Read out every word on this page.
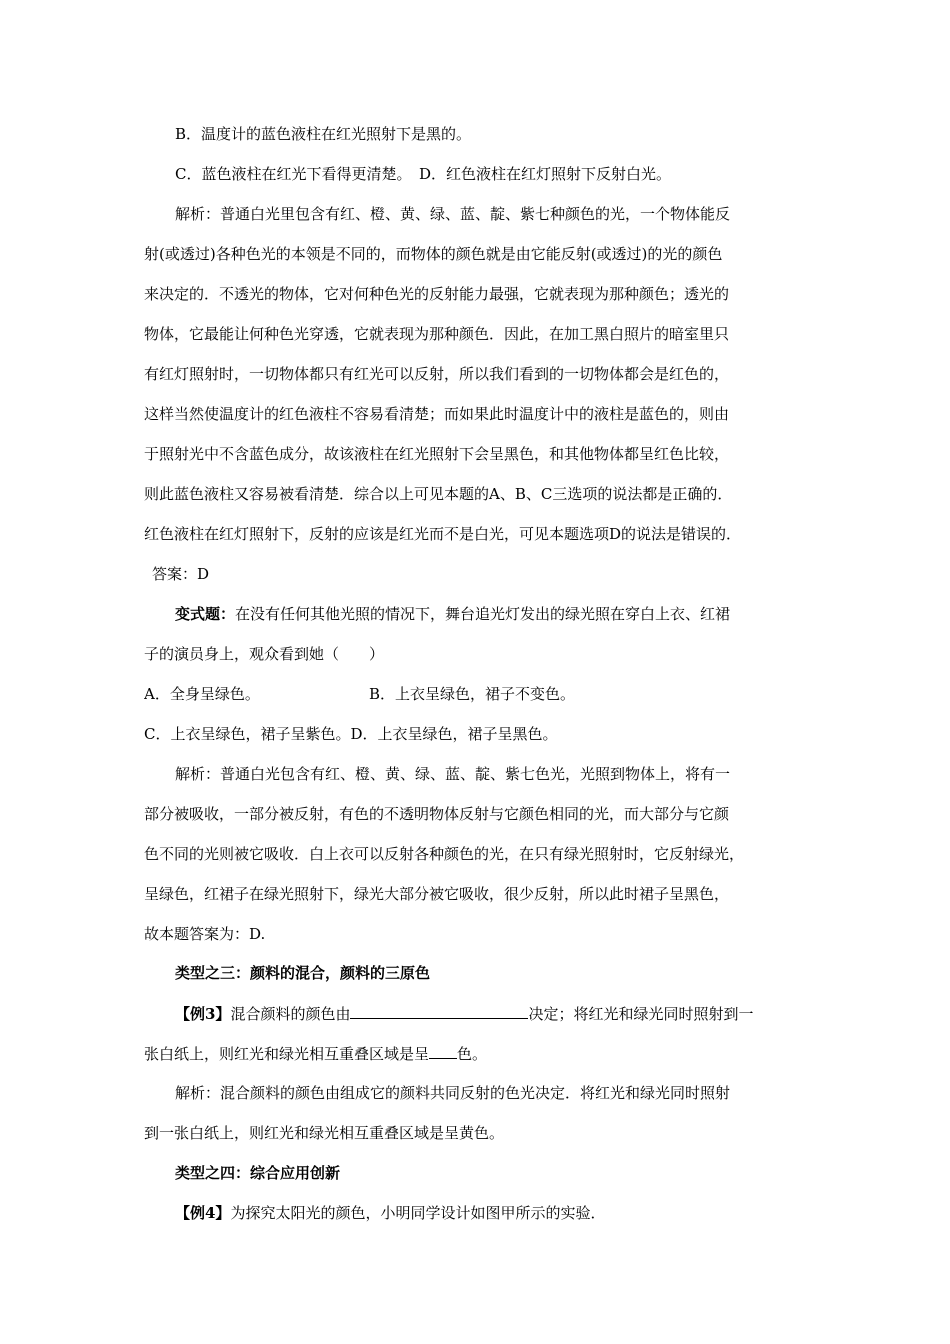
B．温度计的蓝色液柱在红光照射下是黑的。
C．蓝色液柱在红光下看得更清楚。　D．红色液柱在红灯照射下反射白光。
解析：普通白光里包含有红、橙、黄、绿、蓝、靛、紫七种颜色的光，一个物体能反
射(或透过)各种色光的本领是不同的，而物体的颜色就是由它能反射(或透过)的光的颜色
来决定的．不透光的物体，它对何种色光的反射能力最强，它就表现为那种颜色；透光的
物体，它最能让何种色光穿透，它就表现为那种颜色．因此，在加工黑白照片的暗室里只
有红灯照射时，一切物体都只有红光可以反射，所以我们看到的一切物体都会是红色的，
这样当然使温度计的红色液柱不容易看清楚；而如果此时温度计中的液柱是蓝色的，则由
于照射光中不含蓝色成分，故该液柱在红光照射下会呈黑色，和其他物体都呈红色比较，
则此蓝色液柱又容易被看清楚．综合以上可见本题的A、B、C三选项的说法都是正确的．
红色液柱在红灯照射下，反射的应该是红光而不是白光，可见本题选项D的说法是错误的．
答案：D
变式题：在没有任何其他光照的情况下，舞台追光灯发出的绿光照在穿白上衣、红裙
子的演员身上，观众看到她（　　）
A．全身呈绿色。	B．上衣呈绿色，裙子不变色。
C．上衣呈绿色，裙子呈紫色。D．上衣呈绿色，裙子呈黑色。
解析：普通白光包含有红、橙、黄、绿、蓝、靛、紫七色光，光照到物体上，将有一
部分被吸收，一部分被反射，有色的不透明物体反射与它颜色相同的光，而大部分与它颜
色不同的光则被它吸收．白上衣可以反射各种颜色的光，在只有绿光照射时，它反射绿光，
呈绿色，红裙子在绿光照射下，绿光大部分被它吸收，很少反射，所以此时裙子呈黑色，
故本题答案为：D.
类型之三：颜料的混合，颜料的三原色
【例3】混合颜料的颜色由	决定；将红光和绿光同时照射到一
张白纸上，则红光和绿光相互重叠区域是呈 色。
解析：混合颜料的颜色由组成它的颜料共同反射的色光决定．将红光和绿光同时照射
到一张白纸上，则红光和绿光相互重叠区域是呈黄色。
类型之四：综合应用创新
【例4】为探究太阳光的颜色，小明同学设计如图甲所示的实验．
